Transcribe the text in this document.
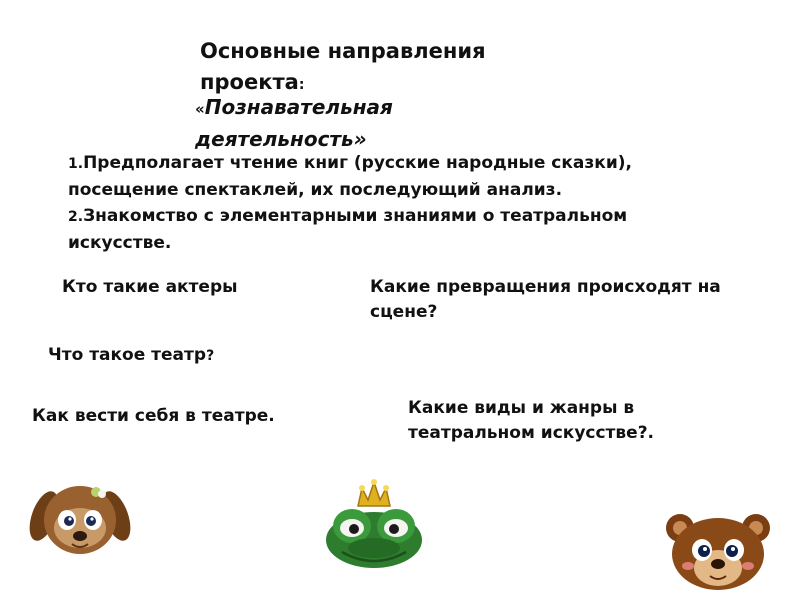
Основные направления проекта:
«Познавательная деятельность»

1.Предполагает чтение книг (русские народные сказки), посещение спектаклей, их последующий анализ.

2.Знакомство с элементарными знаниями о театральном искусстве.

Кто такие актеры	Какие превращения происходят на сцене?
Что такое театр?
Как вести себя в театре.	Какие виды и жанры в театральном искусстве?.
